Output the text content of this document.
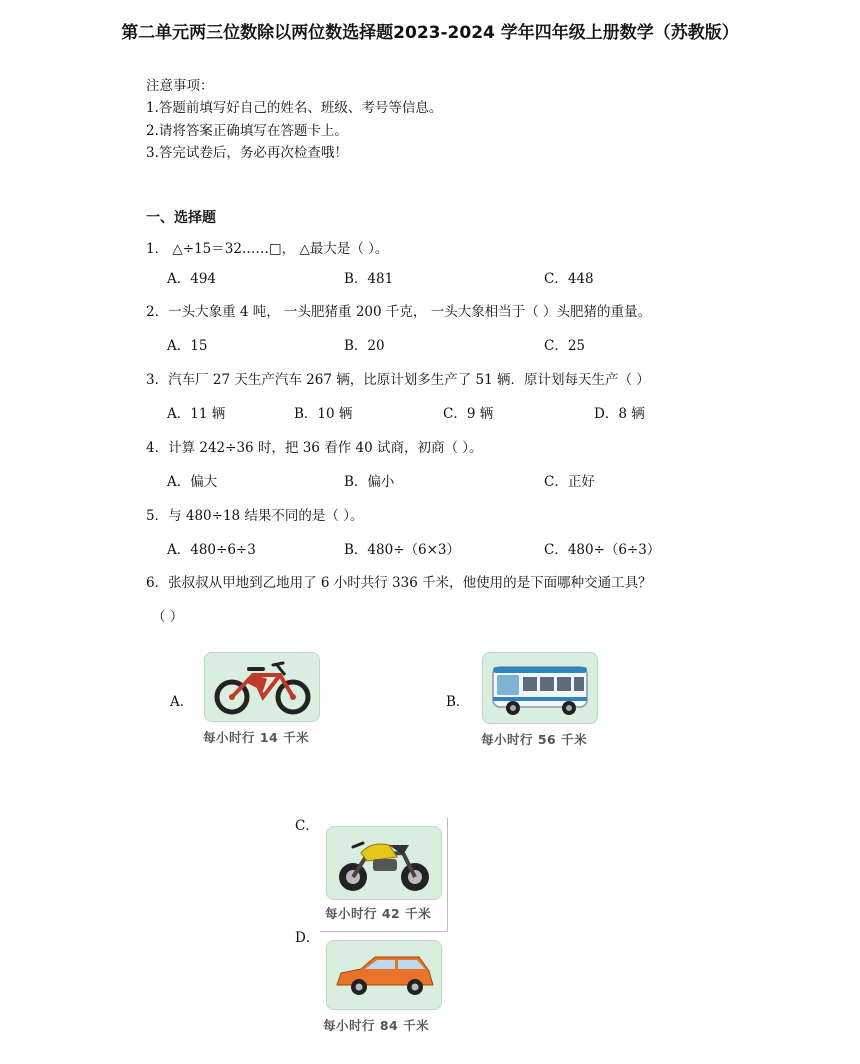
第二单元两三位数除以两位数选择题2023-2024 学年四年级上册数学（苏教版）
注意事项：
1.答题前填写好自己的姓名、班级、考号等信息。
2.请将答案正确填写在答题卡上。
3.答完试卷后，务必再次检查哦！
一、选择题
1． △÷15＝32……□， △最大是（ ）。
A．494	B．481	C．448
2．一头大象重 4 吨， 一头肥猪重 200 千克， 一头大象相当于（ ）头肥猪的重量。
A．15	B．20	C．25
3．汽车厂 27 天生产汽车 267 辆，比原计划多生产了 51 辆．原计划每天生产（ ）
A．11 辆	B．10 辆	C．9 辆	D．8 辆
4．计算 242÷36 时，把 36 看作 40 试商，初商（ ）。
A．偏大	B．偏小	C．正好
5．与 480÷18 结果不同的是（ ）。
A．480÷6÷3	B．480÷（6×3）	C．480÷（6÷3）
6．张叔叔从甲地到乙地用了 6 小时共行 336 千米，他使用的是下面哪种交通工具？
（ ）
A．
每小时行 14 千米
B．
每小时行 56 千米
C．
每小时行 42 千米
D．
每小时行 84 千米
